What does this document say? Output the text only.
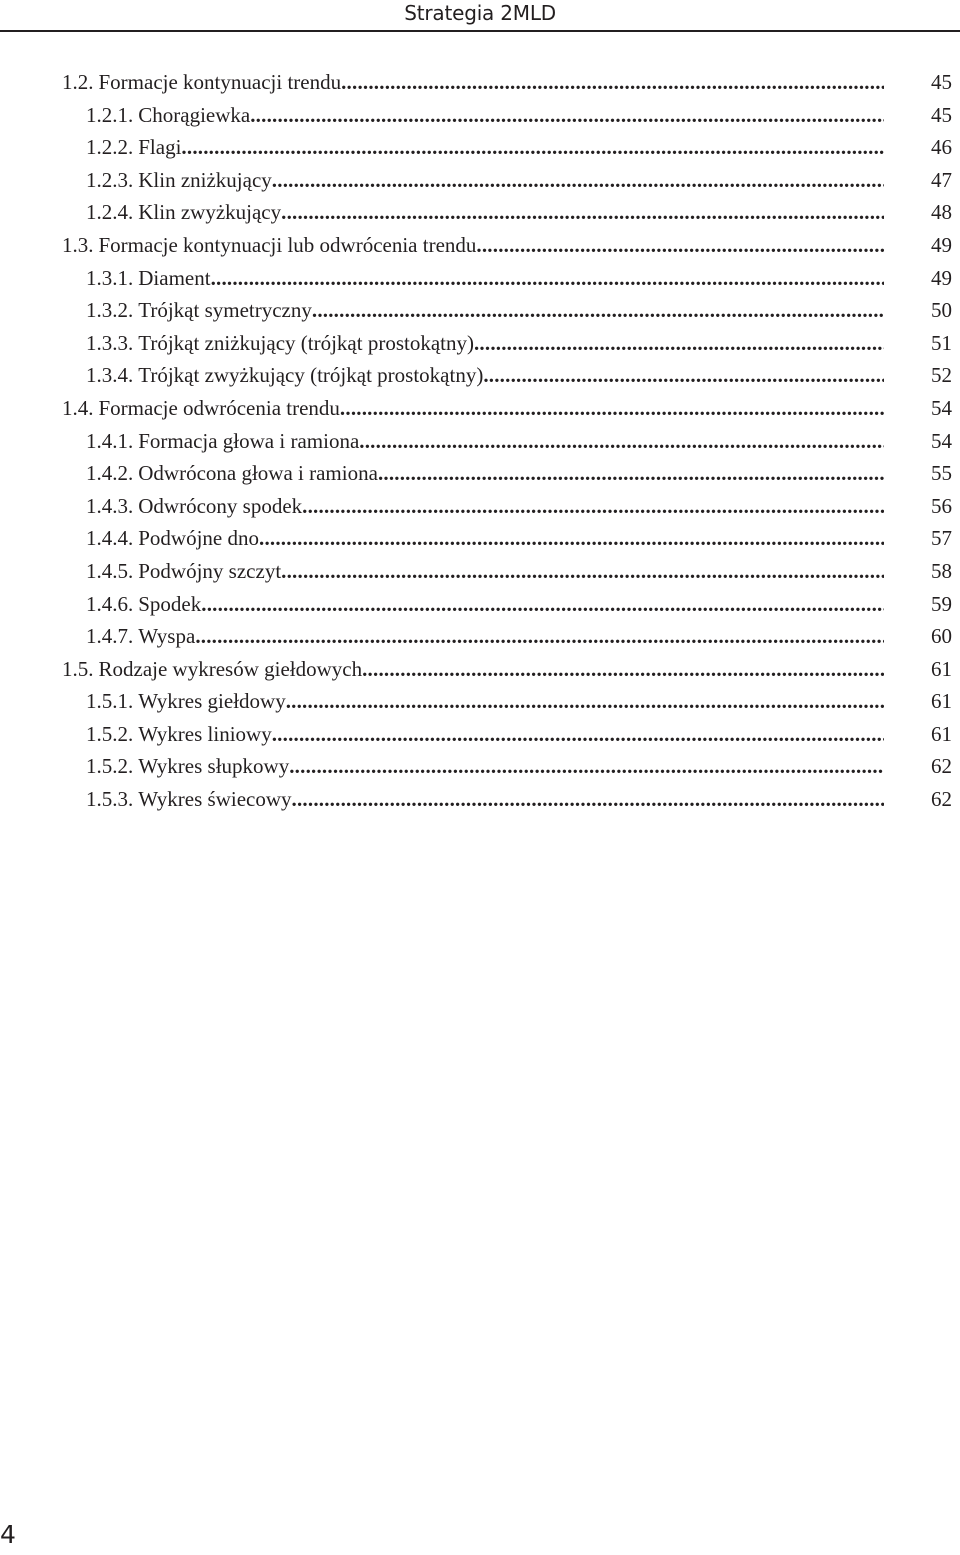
Strategia 2MLD
1.2. Formacje kontynuacji trendu .....	45
1.2.1. Chorągiewka .....	45
1.2.2. Flagi .....	46
1.2.3. Klin zniżkujący .....	47
1.2.4. Klin zwyżkujący .....	48
1.3. Formacje kontynuacji lub odwrócenia trendu .....	49
1.3.1. Diament .....	49
1.3.2. Trójkąt symetryczny .....	50
1.3.3. Trójkąt zniżkujący (trójkąt prostokątny) .....	51
1.3.4. Trójkąt zwyżkujący (trójkąt prostokątny) .....	52
1.4. Formacje odwrócenia trendu .....	54
1.4.1. Formacja głowa i ramiona .....	54
1.4.2. Odwrócona głowa i ramiona .....	55
1.4.3. Odwrócony spodek .....	56
1.4.4. Podwójne dno .....	57
1.4.5. Podwójny szczyt .....	58
1.4.6. Spodek .....	59
1.4.7. Wyspa .....	60
1.5. Rodzaje wykresów giełdowych .....	61
1.5.1. Wykres giełdowy .....	61
1.5.2. Wykres liniowy .....	61
1.5.2. Wykres słupkowy .....	62
1.5.3. Wykres świecowy .....	62
4
